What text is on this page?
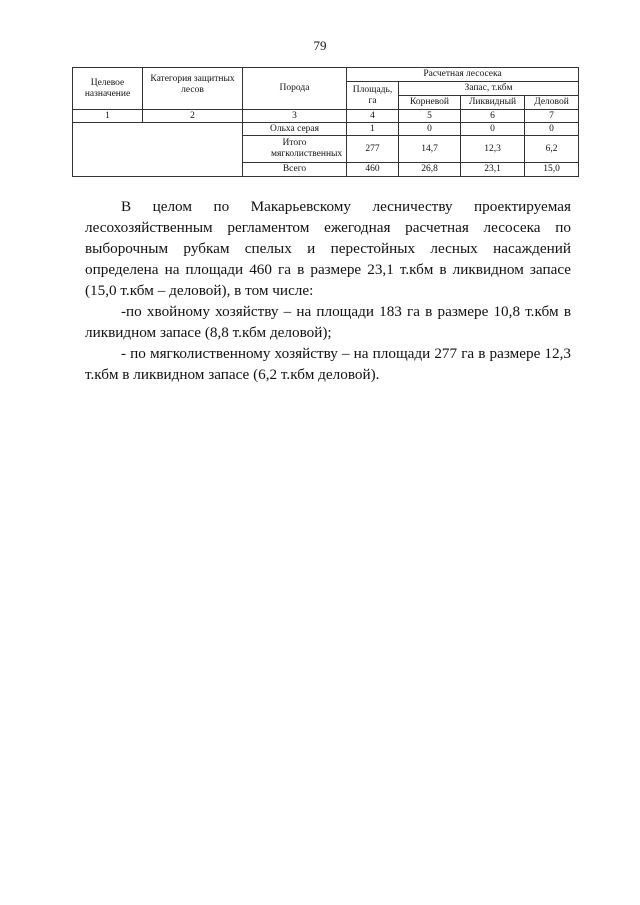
79
Целевое назначение	Категория защитных лесов	Порода	Расчетная лесосека			
			Площадь, га	Запас, т.кбм		
				Корневой	Ликвидный	Деловой
1	2	3	4	5	6	7
		Ольха серая	1	0	0	0
		Итого мягколиственных	277	14,7	12,3	6,2
		Всего	460	26,8	23,1	15,0

В целом по Макарьевскому лесничеству проектируемая лесохозяйственным регламентом ежегодная расчетная лесосека по выборочным рубкам спелых и перестойных лесных насаждений определена на площади 460 га в размере 23,1 т.кбм в ликвидном запасе (15,0 т.кбм – деловой), в том числе:

-по хвойному хозяйству – на площади 183 га в размере 10,8 т.кбм в ликвидном запасе (8,8 т.кбм деловой);

- по мягколиственному хозяйству – на площади 277 га в размере 12,3 т.кбм в ликвидном запасе (6,2 т.кбм деловой).
